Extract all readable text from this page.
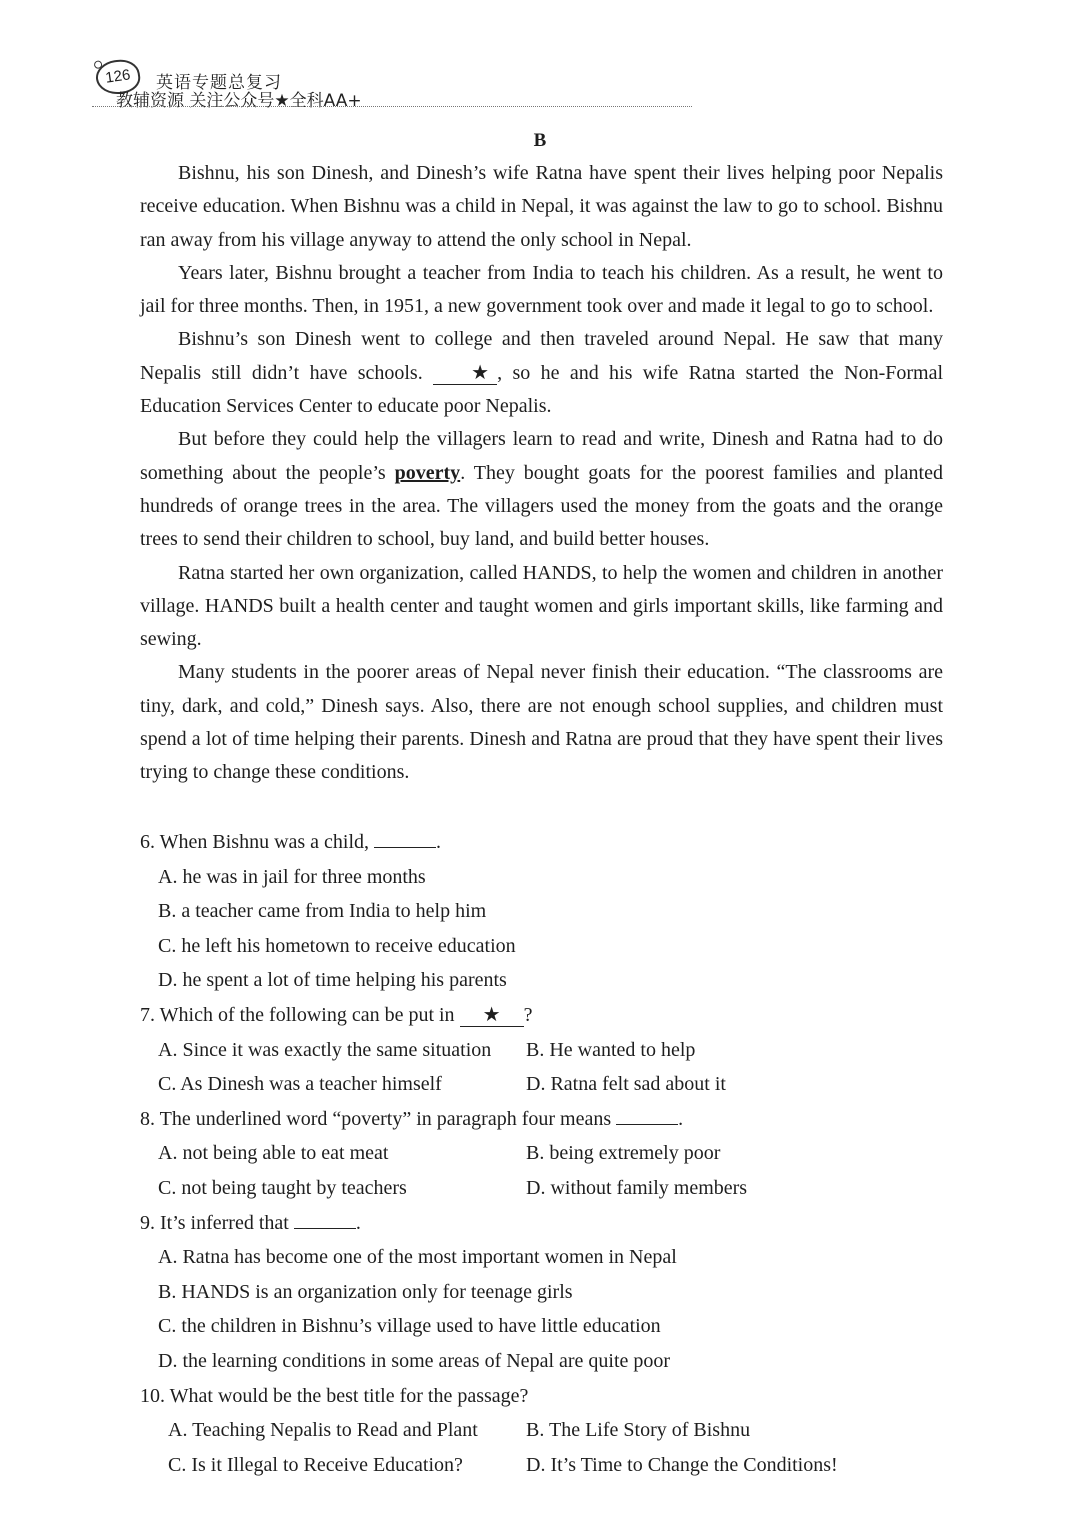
126	英语专题总复习
教辅资源 关注公众号★全科AA+
B

Bishnu, his son Dinesh, and Dinesh’s wife Ratna have spent their lives helping poor Nepalis receive education. When Bishnu was a child in Nepal, it was against the law to go to school. Bishnu ran away from his village anyway to attend the only school in Nepal.

Years later, Bishnu brought a teacher from India to teach his children. As a result, he went to jail for three months. Then, in 1951, a new government took over and made it legal to go to school.

Bishnu’s son Dinesh went to college and then traveled around Nepal. He saw that many Nepalis still didn’t have schools. ★ , so he and his wife Ratna started the Non-Formal Education Services Center to educate poor Nepalis.

But before they could help the villagers learn to read and write, Dinesh and Ratna had to do something about the people’s poverty. They bought goats for the poorest families and planted hundreds of orange trees in the area. The villagers used the money from the goats and the orange trees to send their children to school, buy land, and build better houses.

Ratna started her own organization, called HANDS, to help the women and children in another village. HANDS built a health center and taught women and girls important skills, like farming and sewing.

Many students in the poorer areas of Nepal never finish their education. “The classrooms are tiny, dark, and cold,” Dinesh says. Also, there are not enough school supplies, and children must spend a lot of time helping their parents. Dinesh and Ratna are proud that they have spent their lives trying to change these conditions.

6. When Bishnu was a child,	.

A. he was in jail for three months

B. a teacher came from India to help him

C. he left his hometown to receive education

D. he spent a lot of time helping his parents

7. Which of the following can be put in ★ ?

A. Since it was exactly the same situation	B. He wanted to help
C. As Dinesh was a teacher himself	D. Ratna felt sad about it

8. The underlined word “poverty” in paragraph four means	.

A. not being able to eat meat	B. being extremely poor
C. not being taught by teachers	D. without family members

9. It’s inferred that	.

A. Ratna has become one of the most important women in Nepal

B. HANDS is an organization only for teenage girls

C. the children in Bishnu’s village used to have little education

D. the learning conditions in some areas of Nepal are quite poor

10. What would be the best title for the passage?

A. Teaching Nepalis to Read and Plant	B. The Life Story of Bishnu
C. Is it Illegal to Receive Education?	D. It’s Time to Change the Conditions!
